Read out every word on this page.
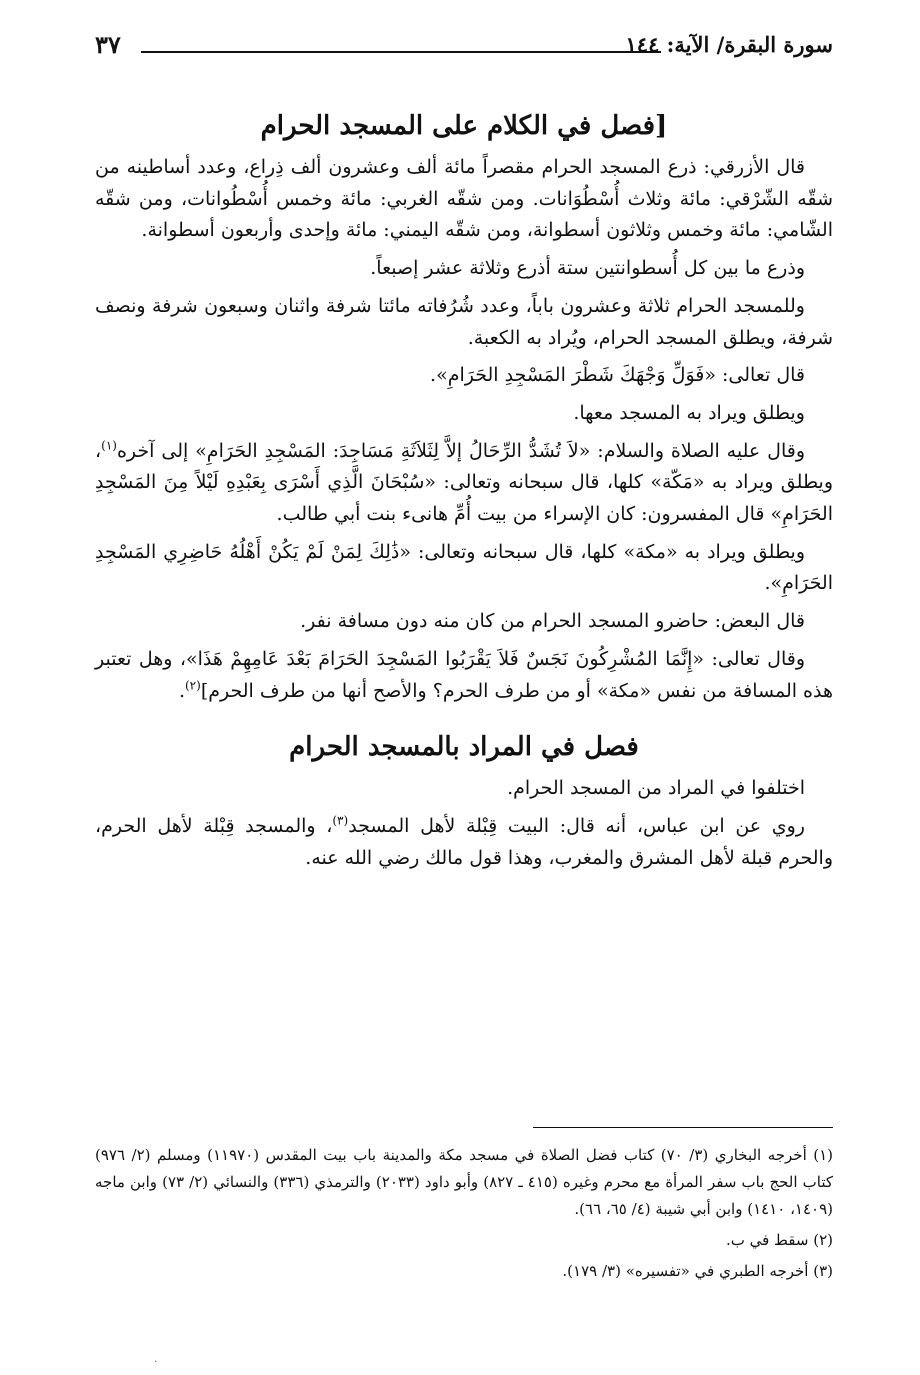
سورة البقرة/ الآية: ١٤٤
٣٧
[فصل في الكلام على المسجد الحرام

قال الأزرقي: ذرع المسجد الحرام مقصراً مائة ألف وعشرون ألف ذِراع، وعدد أساطينه من شقّه الشّرْقي: مائة وثلاث أُسْطُوَانات. ومن شقّه الغربي: مائة وخمس أُسْطُوانات، ومن شقّه الشّامي: مائة وخمس وثلاثون أسطوانة، ومن شقّه اليمني: مائة وإحدى وأربعون أسطوانة.

وذرع ما بين كل أُسطوانتين ستة أذرع وثلاثة عشر إصبعاً.

وللمسجد الحرام ثلاثة وعشرون باباً، وعدد شُرُفاته مائتا شرفة واثنان وسبعون شرفة ونصف شرفة، ويطلق المسجد الحرام، ويُراد به الكعبة.

قال تعالى: «فَوَلِّ وَجْهَكَ شَطْرَ المَسْجِدِ الحَرَامِ».

ويطلق ويراد به المسجد معها.

وقال عليه الصلاة والسلام: «لاَ تُشَدُّ الرِّحَالُ إلاَّ لِثَلاَثَةِ مَسَاجِدَ: المَسْجِدِ الحَرَامِ» إلى آخره$^{(١)}$، ويطلق ويراد به «مَكّة» كلها، قال سبحانه وتعالى: «سُبْحَانَ الَّذِي أَسْرَى بِعَبْدِهِ لَيْلاً مِنَ المَسْجِدِ الحَرَامِ» قال المفسرون: كان الإسراء من بيت أُمِّ هانىء بنت أبي طالب.

ويطلق ويراد به «مكة» كلها، قال سبحانه وتعالى: «ذَٰلِكَ لِمَنْ لَمْ يَكُنْ أَهْلُهُ حَاضِرِي المَسْجِدِ الحَرَامِ».

قال البعض: حاضرو المسجد الحرام من كان منه دون مسافة نفر.

وقال تعالى: «إِنَّمَا المُشْرِكُونَ نَجَسٌ فَلاَ يَقْرَبُوا المَسْجِدَ الحَرَامَ بَعْدَ عَامِهِمْ هَذَا»، وهل تعتبر هذه المسافة من نفس «مكة» أو من طرف الحرم؟ والأصح أنها من طرف الحرم]$^{(٢)}$.

فصل في المراد بالمسجد الحرام

اختلفوا في المراد من المسجد الحرام.

روي عن ابن عباس، أنه قال: البيت قِبْلة لأهل المسجد$^{(٣)}$، والمسجد قِبْلة لأهل الحرم، والحرم قبلة لأهل المشرق والمغرب، وهذا قول مالك رضي الله عنه.

(١) أخرجه البخاري (٣/ ٧٠) كتاب فضل الصلاة في مسجد مكة والمدينة باب بيت المقدس (١١٩٧٠) ومسلم (٢/ ٩٧٦) كتاب الحج باب سفر المرأة مع محرم وغيره (٤١٥ ـ ٨٢٧) وأبو داود (٢٠٣٣) والترمذي (٣٣٦) والنسائي (٢/ ٧٣) وابن ماجه (١٤٠٩، ١٤١٠) وابن أبي شيبة (٤/ ٦٥، ٦٦).

(٢) سقط في ب.

(٣) أخرجه الطبري في «تفسيره» (٣/ ١٧٩).

·
